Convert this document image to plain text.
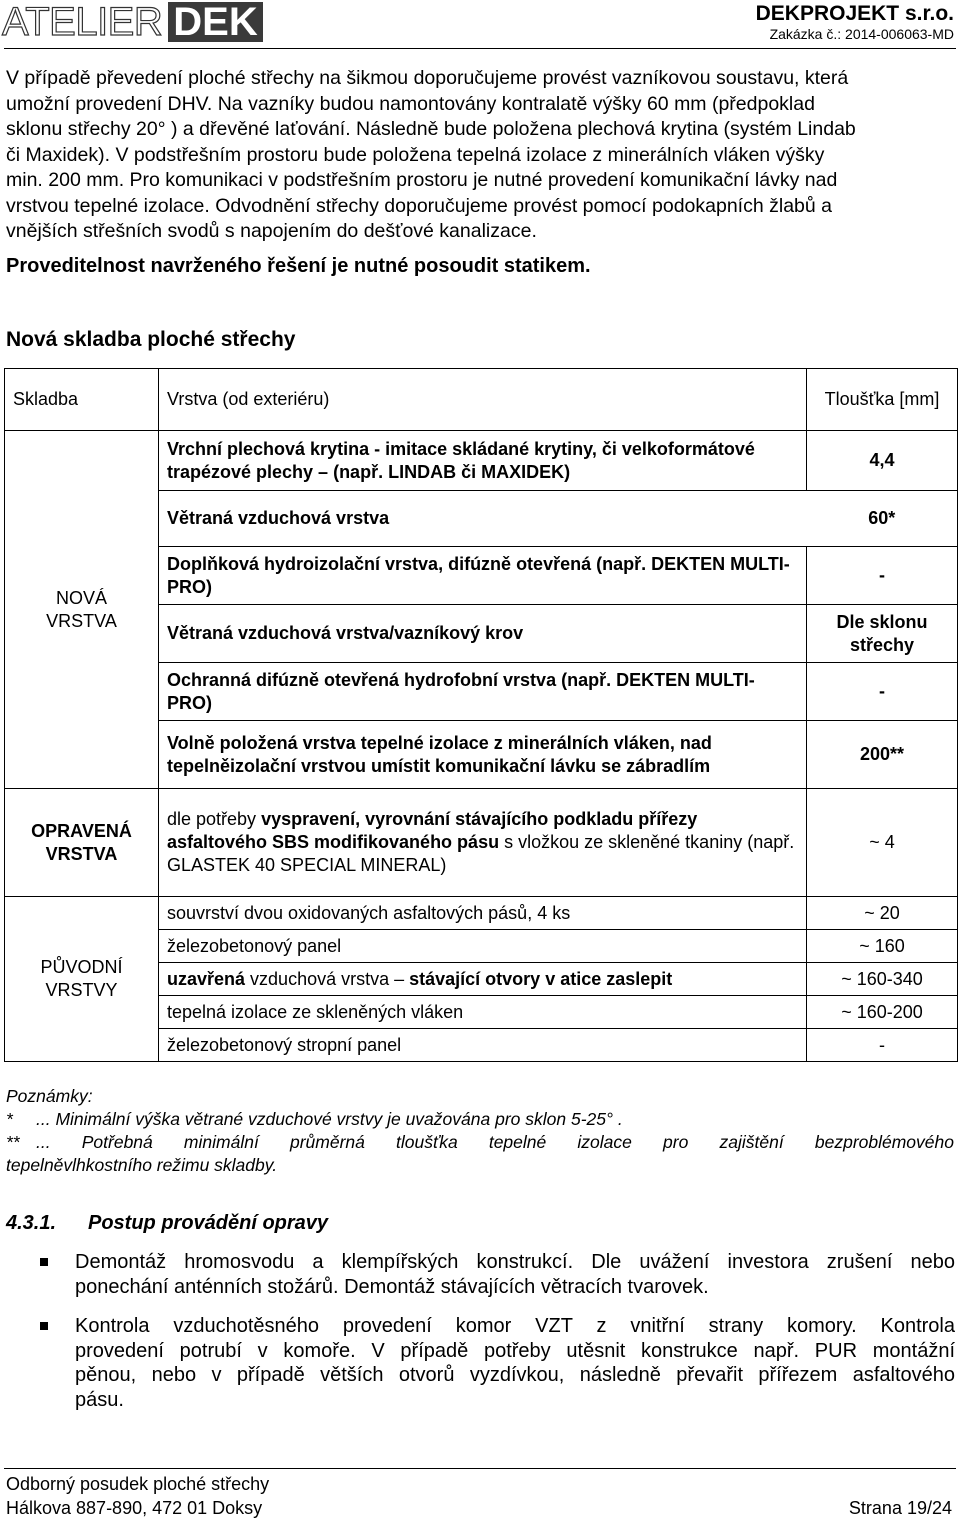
ATELIER DEK	DEKPROJEKT s.r.o.
Zakázka č.: 2014-006063-MD
V případě převedení ploché střechy na šikmou doporučujeme provést vazníkovou soustavu, která
umožní provedení DHV. Na vazníky budou namontovány kontralatě výšky 60 mm (předpoklad
sklonu střechy 20° ) a dřevěné laťování. Následně bude položena plechová krytina (systém Lindab
či Maxidek). V podstřešním prostoru bude položena tepelná izolace z minerálních vláken výšky
min. 200 mm. Pro komunikaci v podstřešním prostoru je nutné provedení komunikační lávky nad
vrstvou tepelné izolace. Odvodnění střechy doporučujeme provést pomocí podokapních žlabů a
vnějších střešních svodů s napojením do dešťové kanalizace.
Proveditelnost navrženého řešení je nutné posoudit statikem.
Nová skladba ploché střechy
Skladba	Vrstva (od exteriéru)	Tloušťka [mm]
NOVÁ VRSTVA	Vrchní plechová krytina - imitace skládané krytiny, či velkoformátové trapézové plechy – (např. LINDAB či MAXIDEK)	4,4
	Větraná vzduchová vrstva	60*
	Doplňková hydroizolační vrstva, difúzně otevřená (např. DEKTEN MULTI-PRO)	-
	Větraná vzduchová vrstva/vazníkový krov	Dle sklonu střechy
	Ochranná difúzně otevřená hydrofobní vrstva (např. DEKTEN MULTI-PRO)	-
	Volně položená vrstva tepelné izolace z minerálních vláken, nad tepelněizolační vrstvou umístit komunikační lávku se zábradlím	200**
OPRAVENÁ VRSTVA	dle potřeby vyspravení, vyrovnání stávajícího podkladu přířezy asfaltového SBS modifikovaného pásu s vložkou ze skleněné tkaniny (např. GLASTEK 40 SPECIAL MINERAL)	~ 4
PŮVODNÍ VRSTVY	souvrství dvou oxidovaných asfaltových pásů, 4 ks	~ 20
	železobetonový panel	~ 160
	uzavřená vzduchová vrstva – stávající otvory v atice zaslepit	~ 160-340
	tepelná izolace ze skleněných vláken	~ 160-200
	železobetonový stropní panel	-
Poznámky:
* ... Minimální výška větrané vzduchové vrstvy je uvažována pro sklon 5-25° .
** ... Potřebná minimální průměrná tloušťka tepelné izolace pro zajištění bezproblémového
tepelněvlhkostního režimu skladby.
4.3.1. Postup provádění opravy
Demontáž hromosvodu a klempířských konstrukcí. Dle uvážení investora zrušení nebo
ponechání anténních stožárů. Demontáž stávajících větracích tvarovek.
Kontrola vzduchotěsného provedení komor VZT z vnitřní strany komory. Kontrola
provedení potrubí v komoře. V případě potřeby utěsnit konstrukce např. PUR montážní
pěnou, nebo v případě větších otvorů vyzdívkou, následně převařit přířezem asfaltového
pásu.
Odborný posudek ploché střechy
Hálkova 887-890, 472 01 Doksy	Strana 19/24
